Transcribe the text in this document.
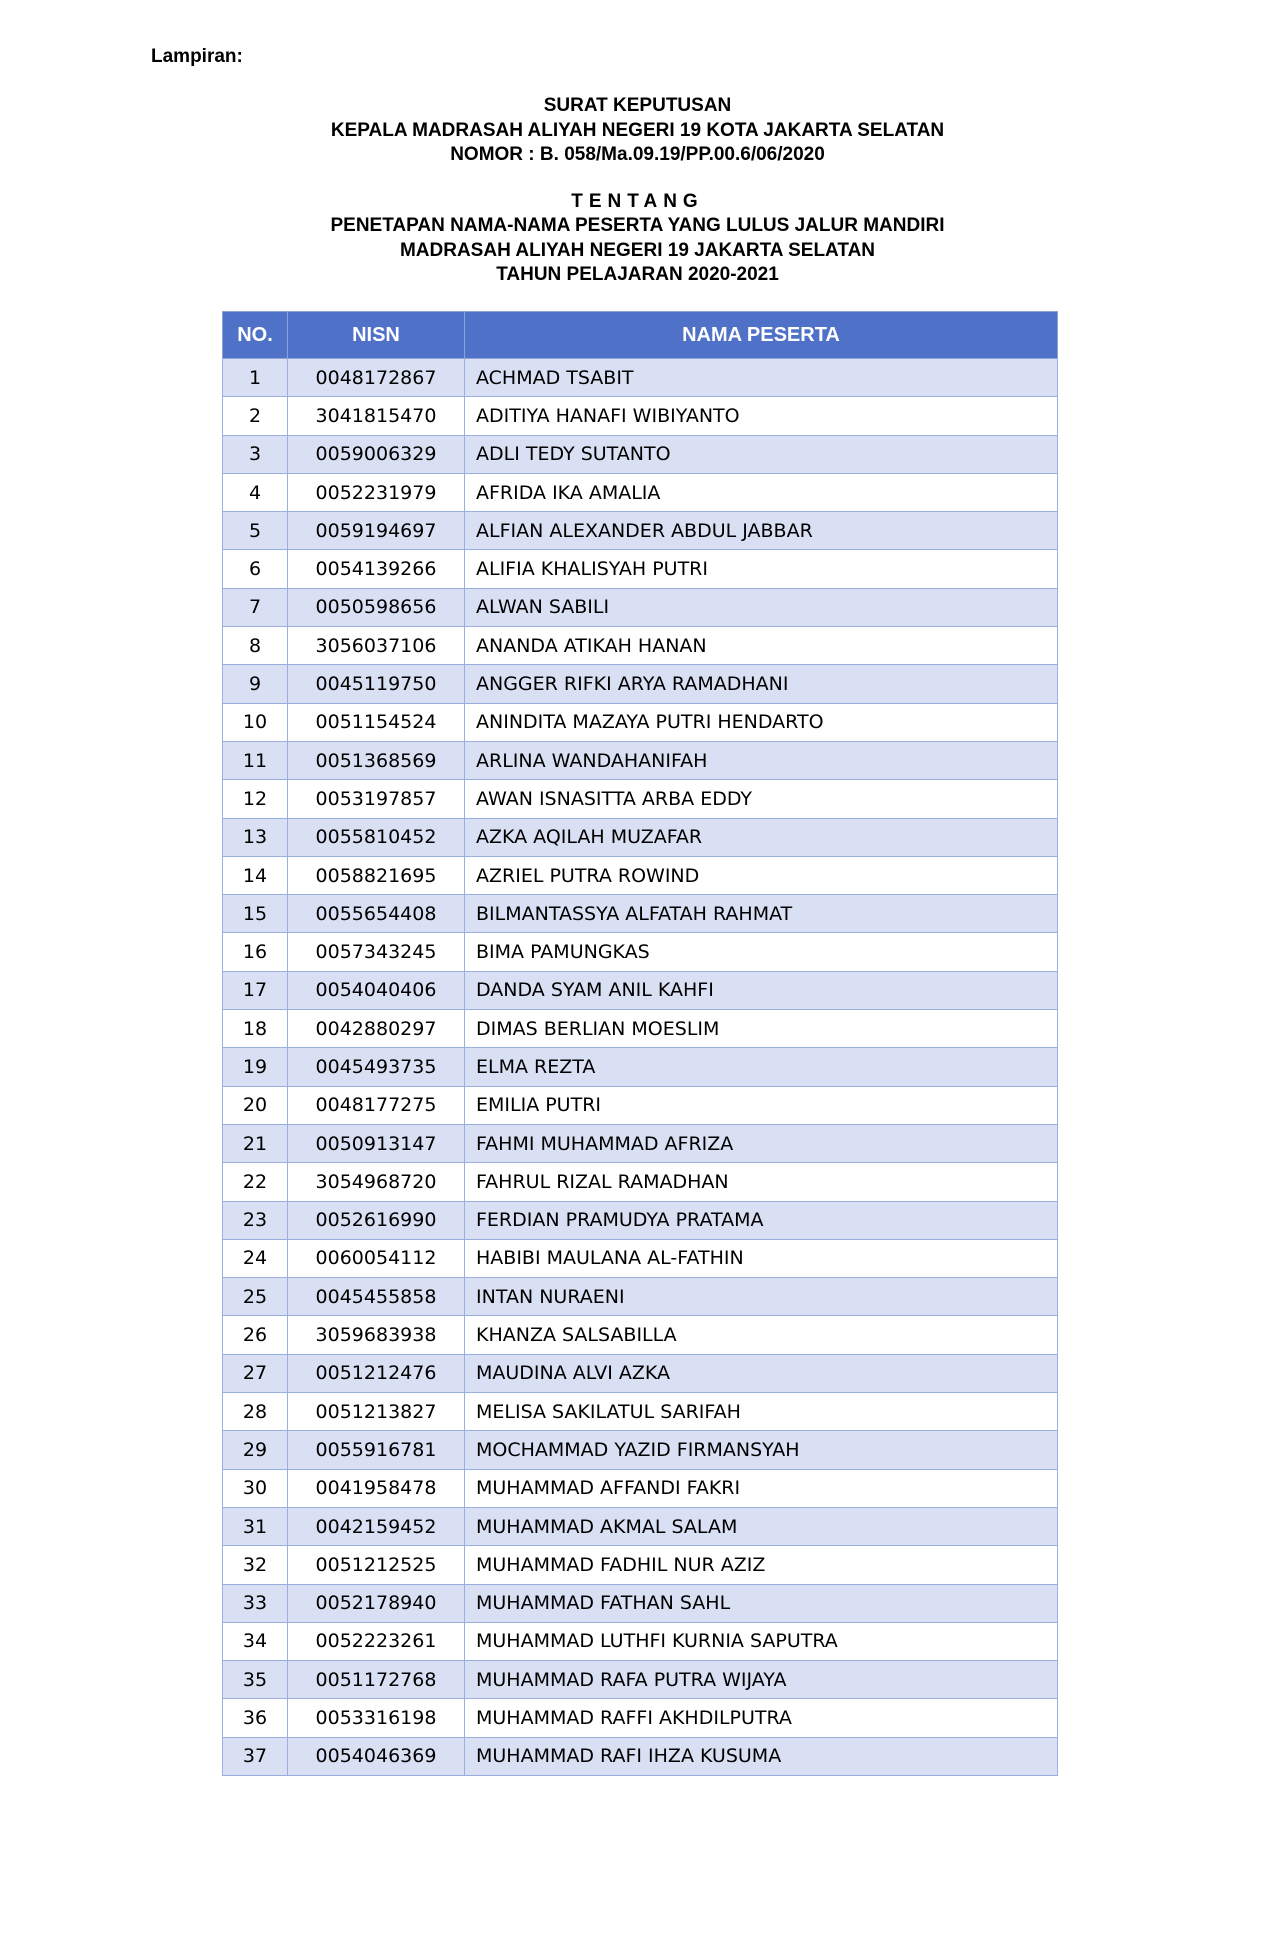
Lampiran:
SURAT KEPUTUSAN
KEPALA MADRASAH ALIYAH NEGERI 19 KOTA JAKARTA SELATAN
NOMOR : B. 058/Ma.09.19/PP.00.6/06/2020
TENTANG
PENETAPAN NAMA-NAMA PESERTA YANG LULUS JALUR MANDIRI
MADRASAH ALIYAH NEGERI 19 JAKARTA SELATAN
TAHUN PELAJARAN 2020-2021
NO.	NISN	NAMA PESERTA
1	0048172867	ACHMAD TSABIT
2	3041815470	ADITIYA HANAFI WIBIYANTO
3	0059006329	ADLI TEDY SUTANTO
4	0052231979	AFRIDA IKA AMALIA
5	0059194697	ALFIAN ALEXANDER ABDUL JABBAR
6	0054139266	ALIFIA KHALISYAH PUTRI
7	0050598656	ALWAN SABILI
8	3056037106	ANANDA ATIKAH HANAN
9	0045119750	ANGGER RIFKI ARYA RAMADHANI
10	0051154524	ANINDITA MAZAYA PUTRI HENDARTO
11	0051368569	ARLINA WANDAHANIFAH
12	0053197857	AWAN ISNASITTA ARBA EDDY
13	0055810452	AZKA AQILAH MUZAFAR
14	0058821695	AZRIEL PUTRA ROWIND
15	0055654408	BILMANTASSYA ALFATAH RAHMAT
16	0057343245	BIMA PAMUNGKAS
17	0054040406	DANDA SYAM ANIL KAHFI
18	0042880297	DIMAS BERLIAN MOESLIM
19	0045493735	ELMA REZTA
20	0048177275	EMILIA PUTRI
21	0050913147	FAHMI MUHAMMAD AFRIZA
22	3054968720	FAHRUL RIZAL RAMADHAN
23	0052616990	FERDIAN PRAMUDYA PRATAMA
24	0060054112	HABIBI MAULANA AL-FATHIN
25	0045455858	INTAN NURAENI
26	3059683938	KHANZA SALSABILLA
27	0051212476	MAUDINA ALVI AZKA
28	0051213827	MELISA SAKILATUL SARIFAH
29	0055916781	MOCHAMMAD YAZID FIRMANSYAH
30	0041958478	MUHAMMAD AFFANDI FAKRI
31	0042159452	MUHAMMAD AKMAL SALAM
32	0051212525	MUHAMMAD FADHIL NUR AZIZ
33	0052178940	MUHAMMAD FATHAN SAHL
34	0052223261	MUHAMMAD LUTHFI KURNIA SAPUTRA
35	0051172768	MUHAMMAD RAFA PUTRA WIJAYA
36	0053316198	MUHAMMAD RAFFI AKHDILPUTRA
37	0054046369	MUHAMMAD RAFI IHZA KUSUMA
